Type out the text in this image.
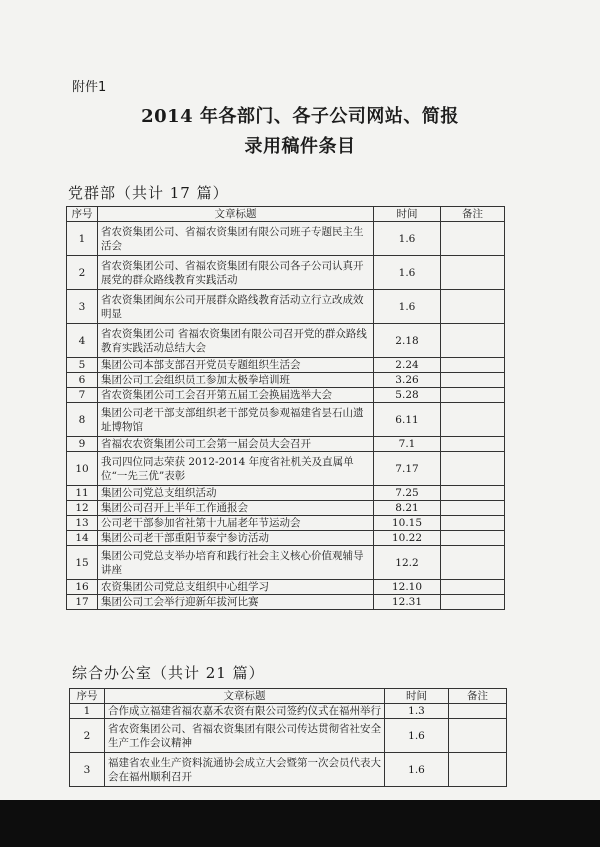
附件1
2014 年各部门、各子公司网站、简报
录用稿件条目
党群部（共计 17 篇）
序号	文章标题	时间	备注
1	省农资集团公司、省福农资集团有限公司班子专题民主生活会	1.6	
2	省农资集团公司、省福农资集团有限公司各子公司认真开展党的群众路线教育实践活动	1.6	
3	省农资集团闽东公司开展群众路线教育活动立行立改成效明显	1.6	
4	省农资集团公司 省福农资集团有限公司召开党的群众路线教育实践活动总结大会	2.18	
5	集团公司本部支部召开党员专题组织生活会	2.24	
6	集团公司工会组织员工参加太极拳培训班	3.26	
7	省农资集团公司工会召开第五届工会换届选举大会	5.28	
8	集团公司老干部支部组织老干部党员参观福建省昙石山遗址博物馆	6.11	
9	省福农农资集团公司工会第一届会员大会召开	7.1	
10	我司四位同志荣获 2012-2014 年度省社机关及直属单位“一先三优”表彰	7.17	
11	集团公司党总支组织活动	7.25	
12	集团公司召开上半年工作通报会	8.21	
13	公司老干部参加省社第十九届老年节运动会	10.15	
14	集团公司老干部重阳节泰宁参访活动	10.22	
15	集团公司党总支举办培育和践行社会主义核心价值观辅导讲座	12.2	
16	农资集团公司党总支组织中心组学习	12.10	
17	集团公司工会举行迎新年拔河比赛	12.31	
综合办公室（共计 21 篇）
序号	文章标题	时间	备注
1	合作成立福建省福农嘉禾农资有限公司签约仪式在福州举行	1.3	
2	省农资集团公司、省福农资集团有限公司传达贯彻省社安全生产工作会议精神	1.6	
3	福建省农业生产资料流通协会成立大会暨第一次会员代表大会在福州顺利召开	1.6	
